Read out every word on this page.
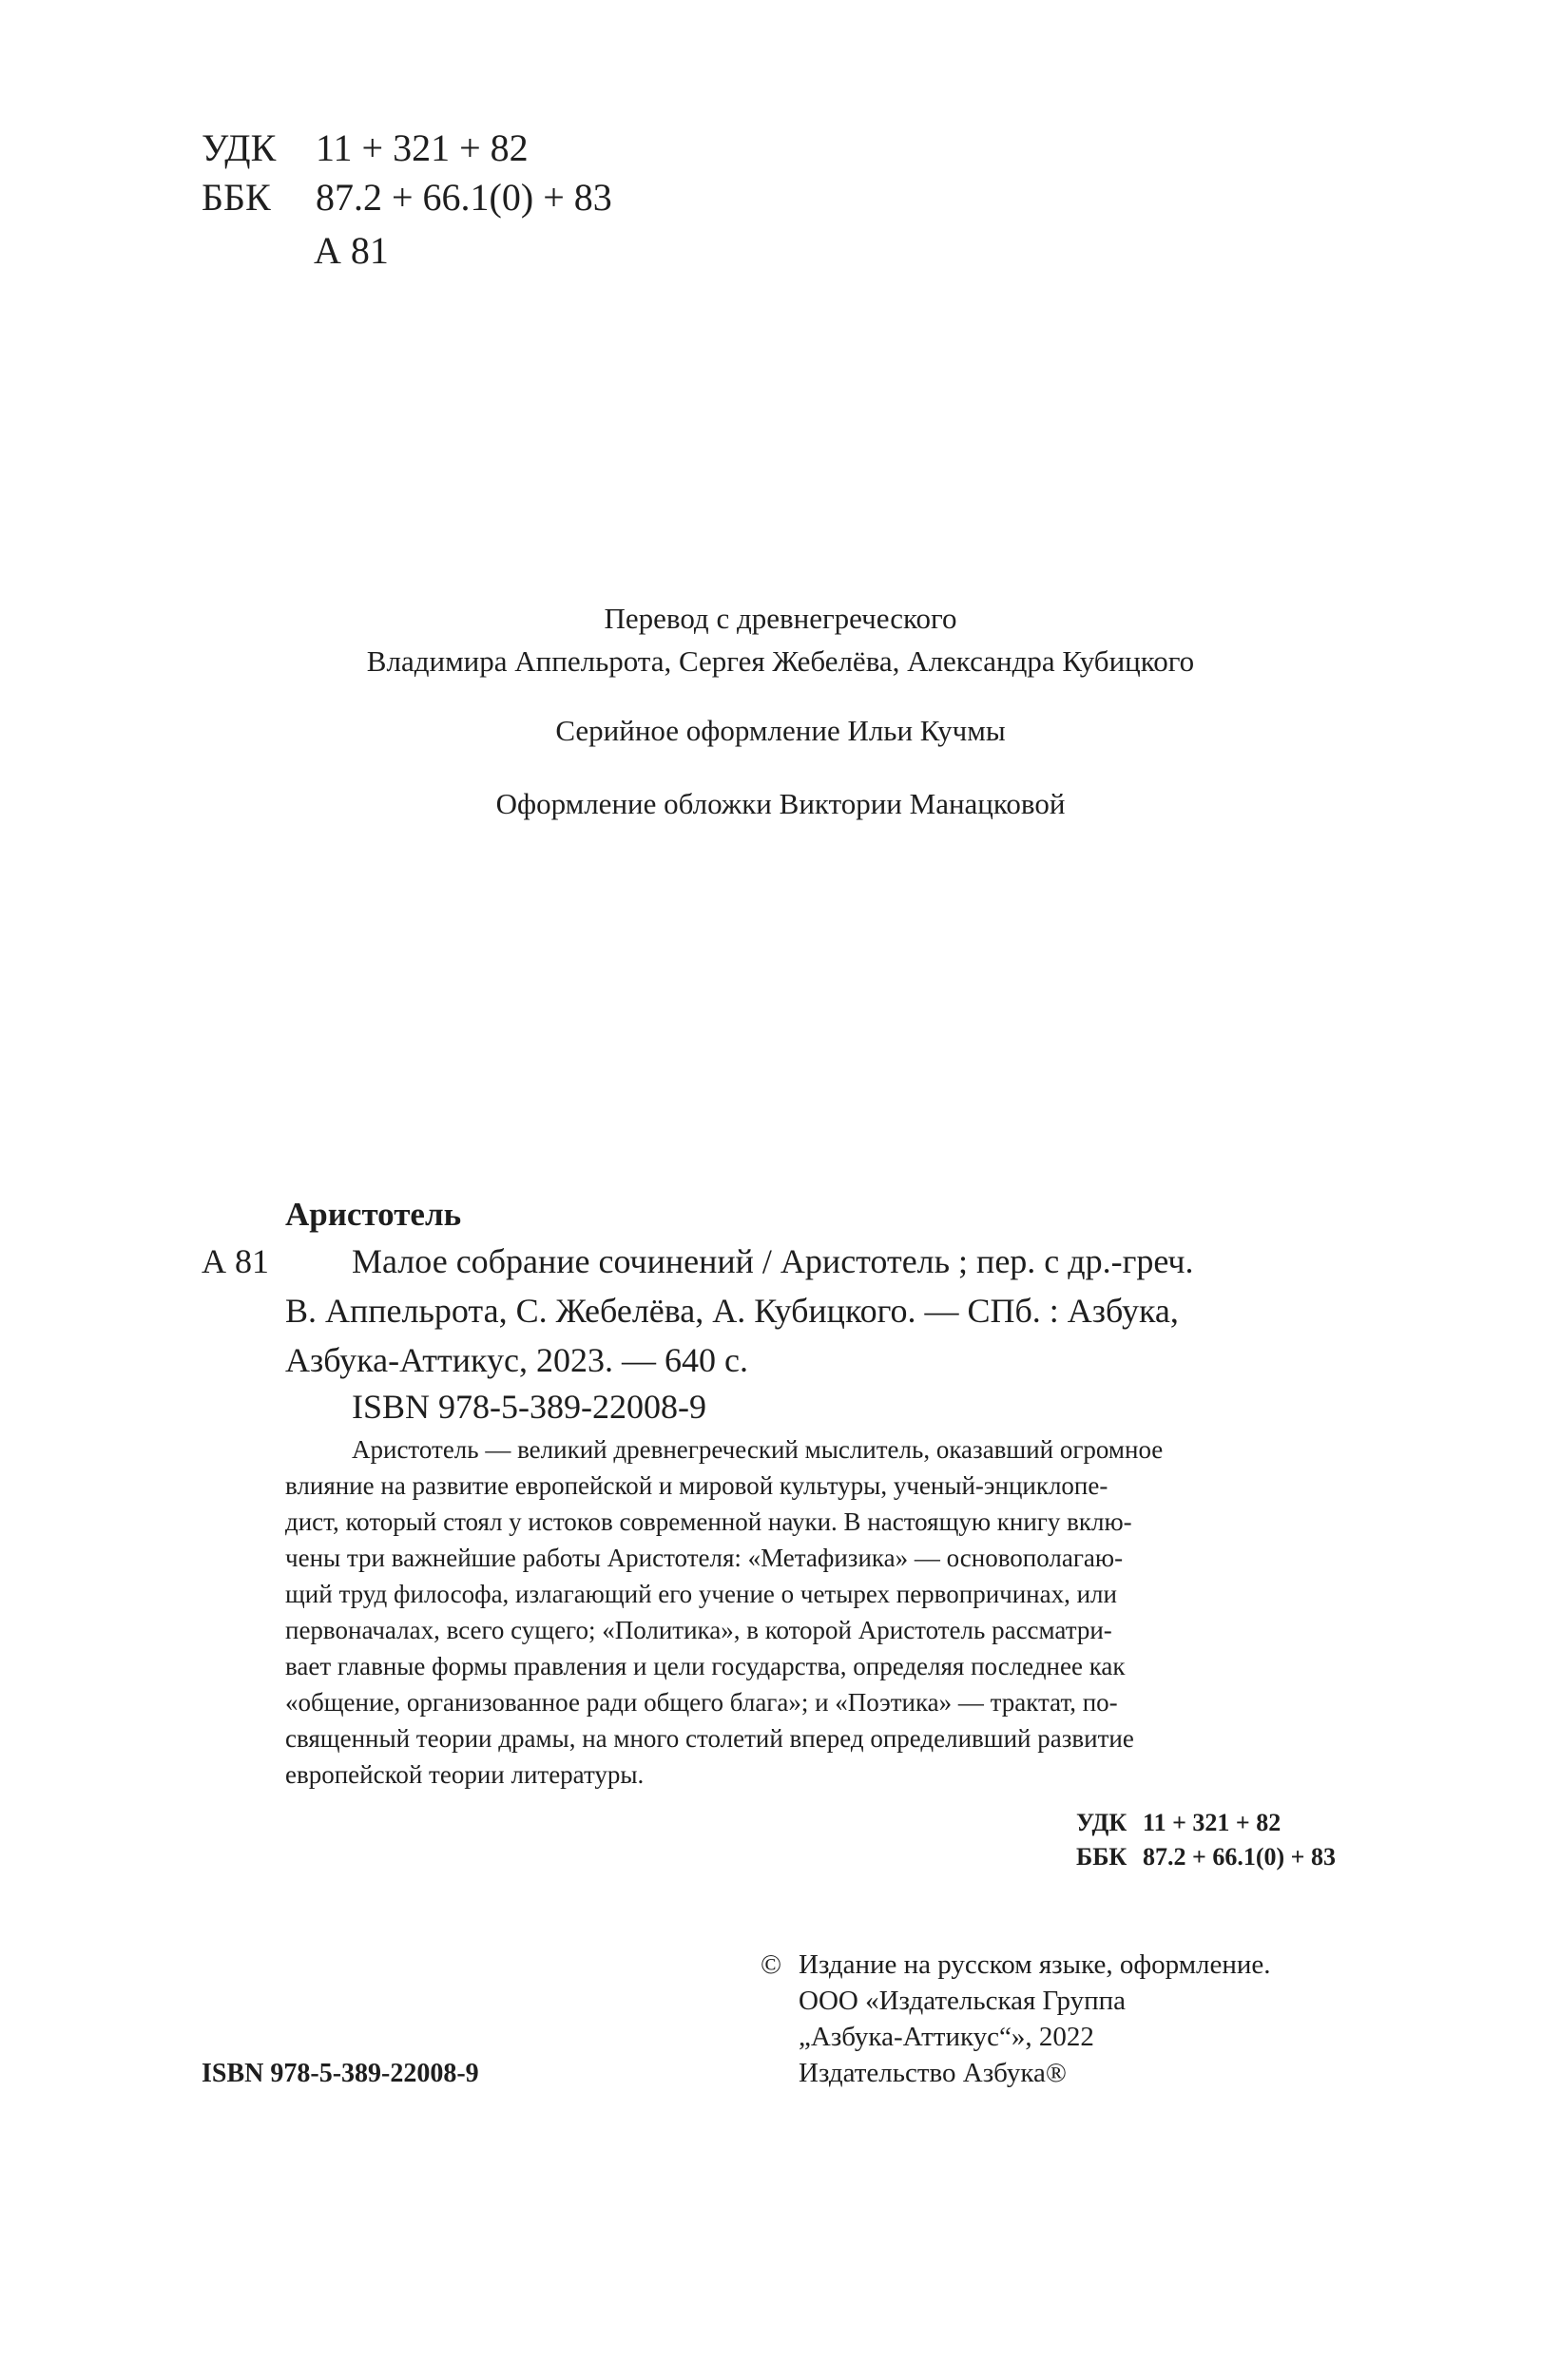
УДК 11 + 321 + 82
ББК 87.2 + 66.1(0) + 83
А 81
Перевод с древнегреческого
Владимира Аппельрота, Сергея Жебелёва, Александра Кубицкого
Серийное оформление Ильи Кучмы
Оформление обложки Виктории Манацковой
Аристотель
А 81 Малое собрание сочинений / Аристотель ; пер. с др.-греч.
В. Аппельрота, С. Жебелёва, А. Кубицкого. — СПб. : Азбука,
Азбука-Аттикус, 2023. — 640 с.
ISBN 978-5-389-22008-9
Аристотель — великий древнегреческий мыслитель, оказавший огромное
влияние на развитие европейской и мировой культуры, ученый-энциклопе-
дист, который стоял у истоков современной науки. В настоящую книгу вклю-
чены три важнейшие работы Аристотеля: «Метафизика» — основополагаю-
щий труд философа, излагающий его учение о четырех первопричинах, или
первоначалах, всего сущего; «Политика», в которой Аристотель рассматри-
вает главные формы правления и цели государства, определяя последнее как
«общение, организованное ради общего блага»; и «Поэтика» — трактат, по-
священный теории драмы, на много столетий вперед определивший развитие
европейской теории литературы.
УДК 11 + 321 + 82
ББК 87.2 + 66.1(0) + 83
© Издание на русском языке, оформление.
ООО «Издательская Группа
„Азбука-Аттикус“», 2022
Издательство Азбука®
ISBN 978-5-389-22008-9
